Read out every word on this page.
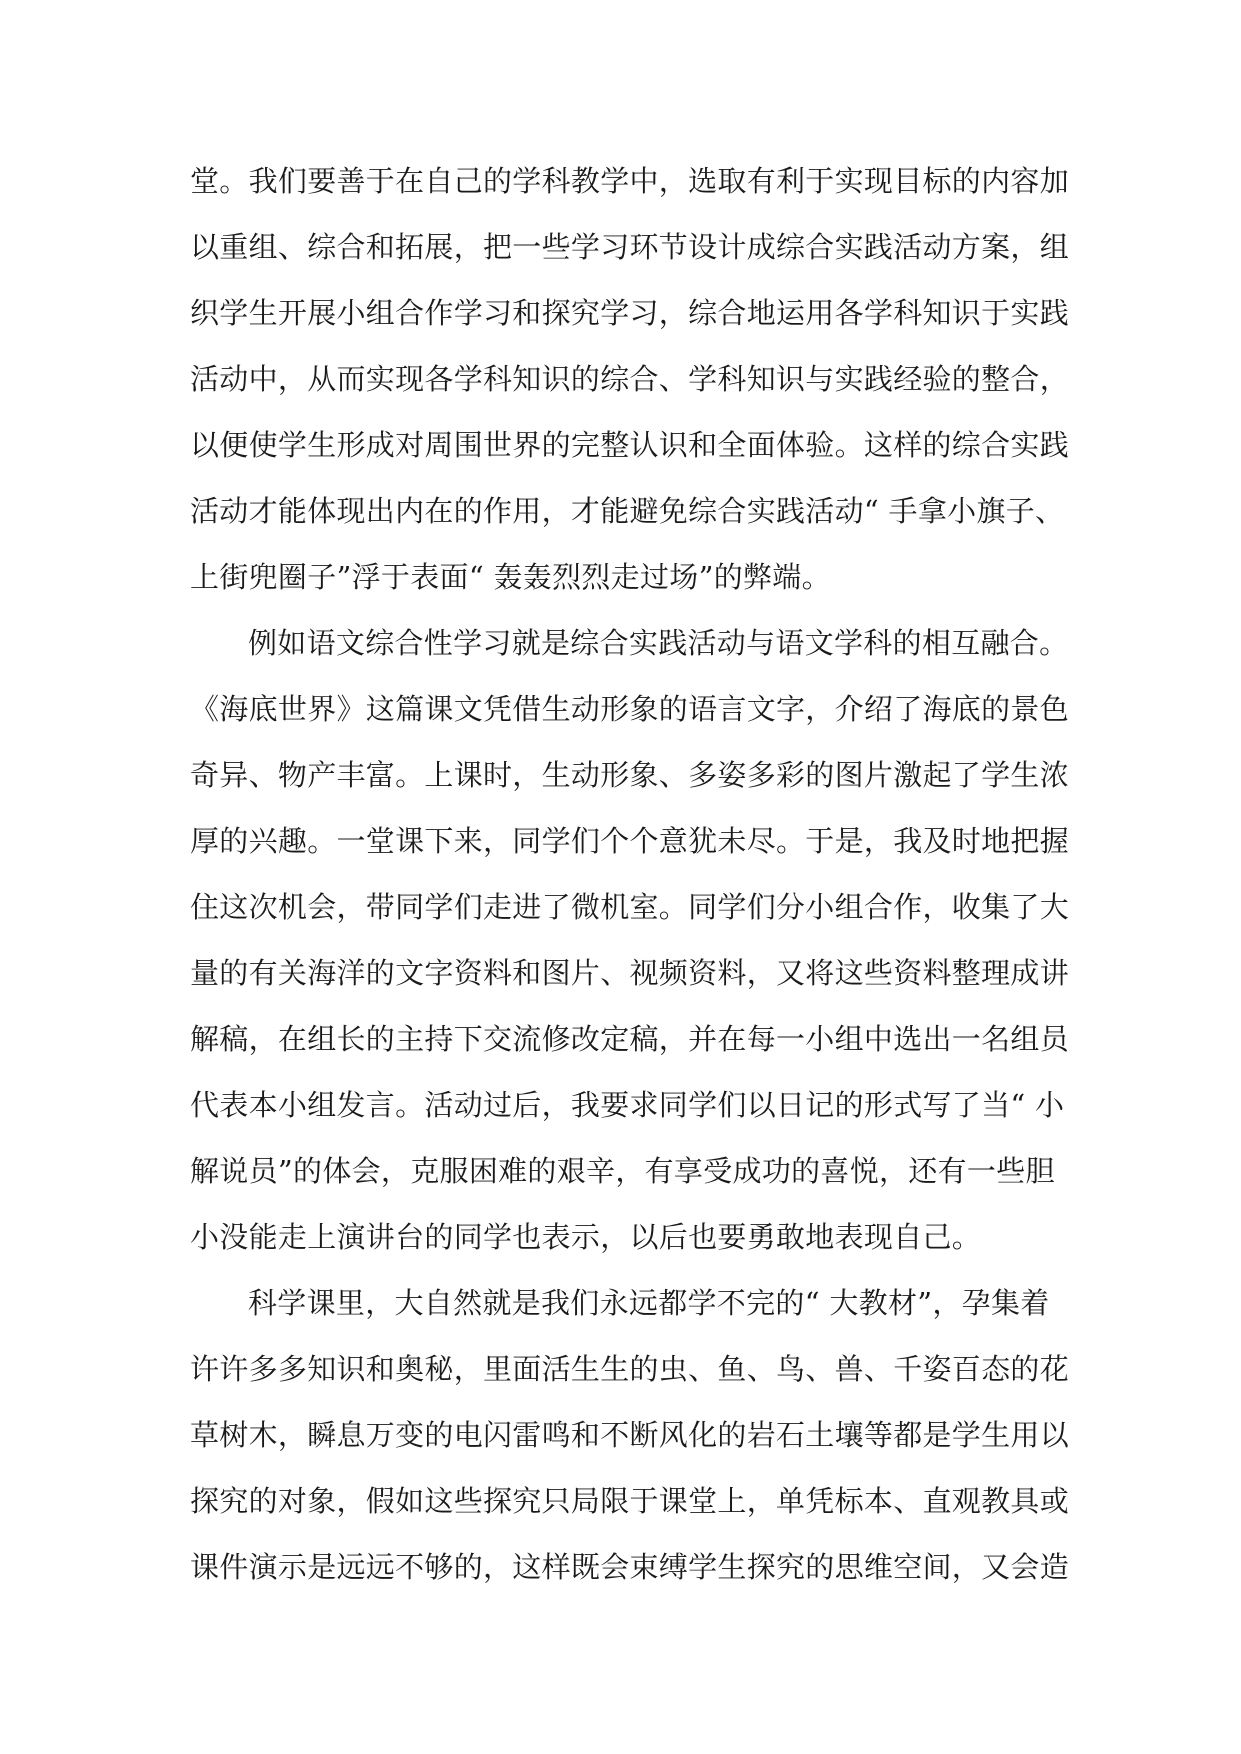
堂。我们要善于在自己的学科教学中，选取有利于实现目标的内容加
以重组、综合和拓展，把一些学习环节设计成综合实践活动方案，组
织学生开展小组合作学习和探究学习，综合地运用各学科知识于实践
活动中，从而实现各学科知识的综合、学科知识与实践经验的整合，
以便使学生形成对周围世界的完整认识和全面体验。这样的综合实践
活动才能体现出内在的作用，才能避免综合实践活动“ 手拿小旗子、
上街兜圈子”浮于表面“ 轰轰烈烈走过场”的弊端。
例如语文综合性学习就是综合实践活动与语文学科的相互融合。
《海底世界》这篇课文凭借生动形象的语言文字，介绍了海底的景色
奇异、物产丰富。上课时，生动形象、多姿多彩的图片激起了学生浓
厚的兴趣。一堂课下来，同学们个个意犹未尽。于是，我及时地把握
住这次机会，带同学们走进了微机室。同学们分小组合作，收集了大
量的有关海洋的文字资料和图片、视频资料，又将这些资料整理成讲
解稿，在组长的主持下交流修改定稿，并在每一小组中选出一名组员
代表本小组发言。活动过后，我要求同学们以日记的形式写了当“ 小
解说员”的体会，克服困难的艰辛，有享受成功的喜悦，还有一些胆
小没能走上演讲台的同学也表示，以后也要勇敢地表现自己。
科学课里，大自然就是我们永远都学不完的“ 大教材”，孕集着
许许多多知识和奥秘，里面活生生的虫、鱼、鸟、兽、千姿百态的花
草树木，瞬息万变的电闪雷鸣和不断风化的岩石土壤等都是学生用以
探究的对象，假如这些探究只局限于课堂上，单凭标本、直观教具或
课件演示是远远不够的，这样既会束缚学生探究的思维空间，又会造
